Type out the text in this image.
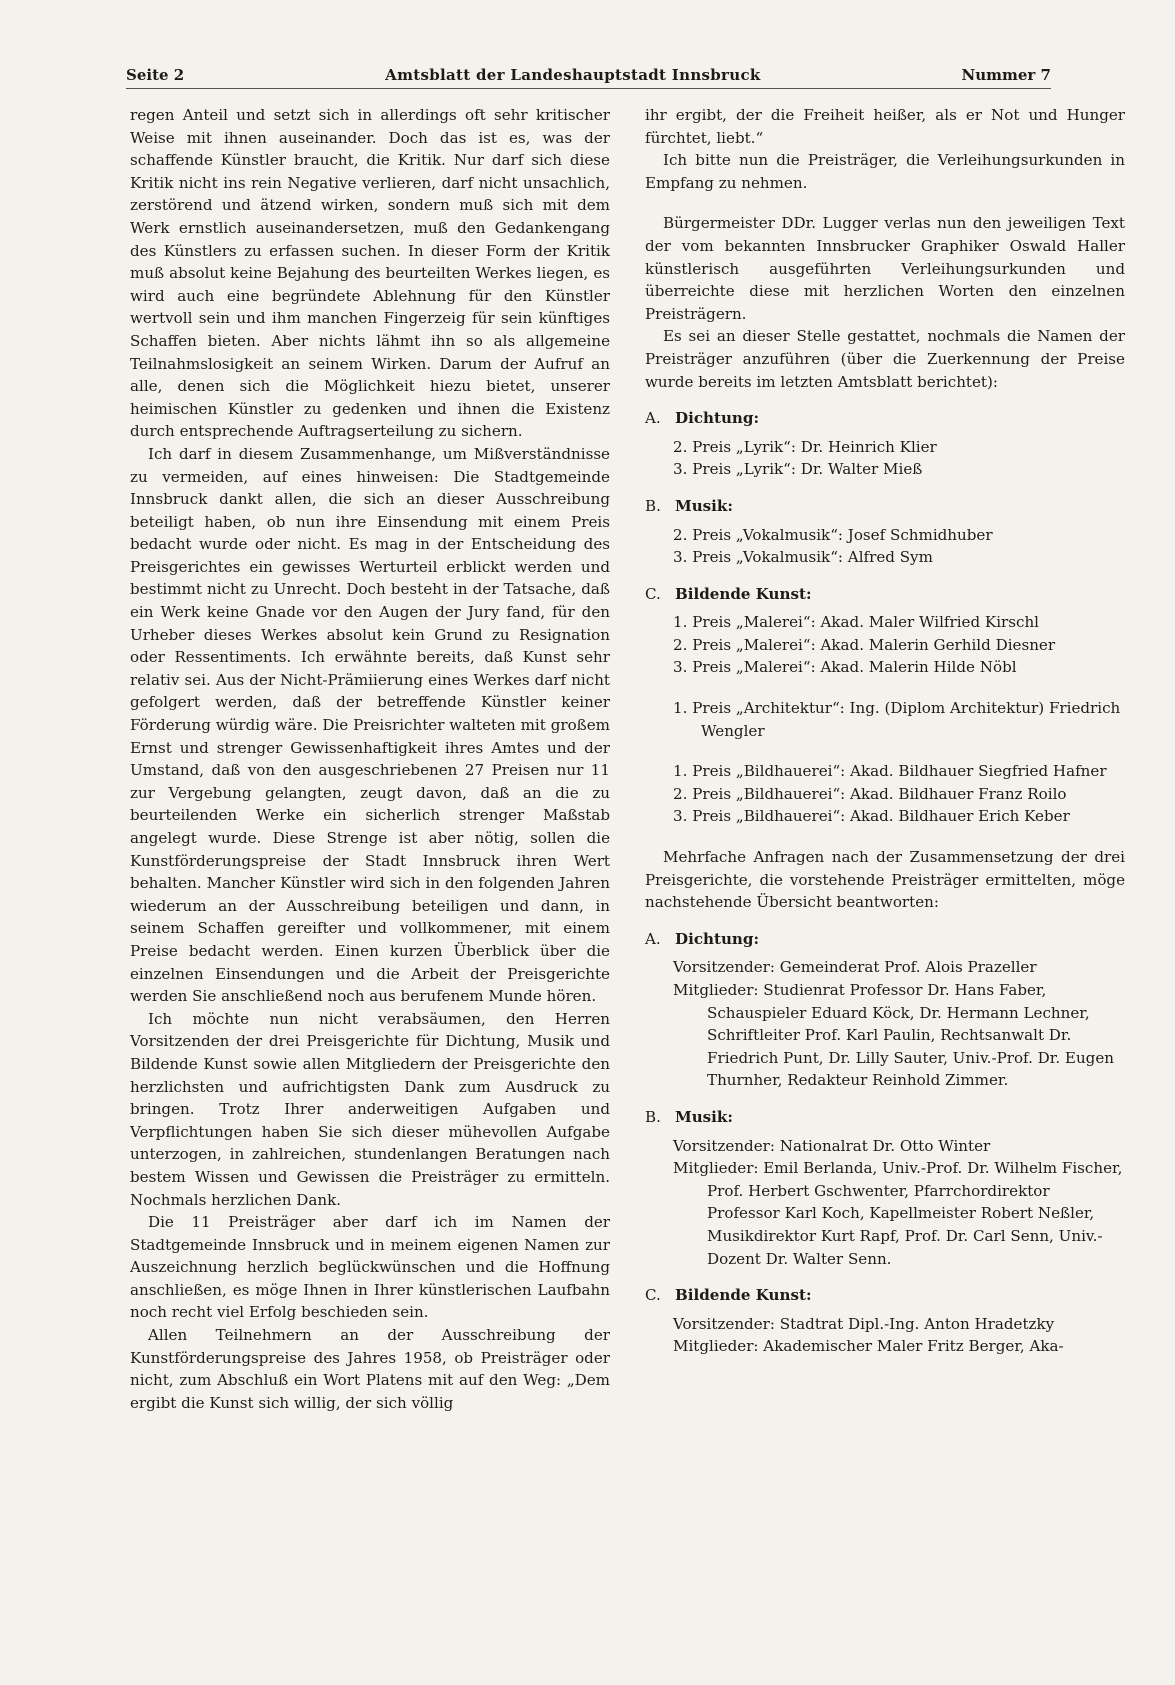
Seite 2	Amtsblatt der Landeshauptstadt Innsbruck	Nummer 7

regen Anteil und setzt sich in allerdings oft sehr kritischer Weise mit ihnen auseinander. Doch das ist es, was der schaffende Künstler braucht, die Kritik. Nur darf sich diese Kritik nicht ins rein Negative verlieren, darf nicht unsachlich, zerstörend und ätzend wirken, sondern muß sich mit dem Werk ernstlich auseinandersetzen, muß den Gedankengang des Künstlers zu erfassen suchen. In dieser Form der Kritik muß absolut keine Bejahung des beurteilten Werkes liegen, es wird auch eine begründete Ablehnung für den Künstler wertvoll sein und ihm manchen Fingerzeig für sein künftiges Schaffen bieten. Aber nichts lähmt ihn so als allgemeine Teilnahmslosigkeit an seinem Wirken. Darum der Aufruf an alle, denen sich die Möglichkeit hiezu bietet, unserer heimischen Künstler zu gedenken und ihnen die Existenz durch entsprechende Auftragserteilung zu sichern.

Ich darf in diesem Zusammenhange, um Mißverständnisse zu vermeiden, auf eines hinweisen: Die Stadtgemeinde Innsbruck dankt allen, die sich an dieser Ausschreibung beteiligt haben, ob nun ihre Einsendung mit einem Preis bedacht wurde oder nicht. Es mag in der Entscheidung des Preisgerichtes ein gewisses Werturteil erblickt werden und bestimmt nicht zu Unrecht. Doch besteht in der Tatsache, daß ein Werk keine Gnade vor den Augen der Jury fand, für den Urheber dieses Werkes absolut kein Grund zu Resignation oder Ressentiments. Ich erwähnte bereits, daß Kunst sehr relativ sei. Aus der Nicht-Prämiierung eines Werkes darf nicht gefolgert werden, daß der betreffende Künstler keiner Förderung würdig wäre. Die Preisrichter walteten mit großem Ernst und strenger Gewissenhaftigkeit ihres Amtes und der Umstand, daß von den ausgeschriebenen 27 Preisen nur 11 zur Vergebung gelangten, zeugt davon, daß an die zu beurteilenden Werke ein sicherlich strenger Maßstab angelegt wurde. Diese Strenge ist aber nötig, sollen die Kunstförderungspreise der Stadt Innsbruck ihren Wert behalten. Mancher Künstler wird sich in den folgenden Jahren wiederum an der Ausschreibung beteiligen und dann, in seinem Schaffen gereifter und vollkommener, mit einem Preise bedacht werden. Einen kurzen Überblick über die einzelnen Einsendungen und die Arbeit der Preisgerichte werden Sie anschließend noch aus berufenem Munde hören.

Ich möchte nun nicht verabsäumen, den Herren Vorsitzenden der drei Preisgerichte für Dichtung, Musik und Bildende Kunst sowie allen Mitgliedern der Preisgerichte den herzlichsten und aufrichtigsten Dank zum Ausdruck zu bringen. Trotz Ihrer anderweitigen Aufgaben und Verpflichtungen haben Sie sich dieser mühevollen Aufgabe unterzogen, in zahlreichen, stundenlangen Beratungen nach bestem Wissen und Gewissen die Preisträger zu ermitteln. Nochmals herzlichen Dank.

Die 11 Preisträger aber darf ich im Namen der Stadtgemeinde Innsbruck und in meinem eigenen Namen zur Auszeichnung herzlich beglückwünschen und die Hoffnung anschließen, es möge Ihnen in Ihrer künstlerischen Laufbahn noch recht viel Erfolg beschieden sein.

Allen Teilnehmern an der Ausschreibung der Kunstförderungspreise des Jahres 1958, ob Preisträger oder nicht, zum Abschluß ein Wort Platens mit auf den Weg: „Dem ergibt die Kunst sich willig, der sich völlig

ihr ergibt, der die Freiheit heißer, als er Not und Hunger fürchtet, liebt.“

Ich bitte nun die Preisträger, die Verleihungsurkunden in Empfang zu nehmen.

Bürgermeister DDr. Lugger verlas nun den jeweiligen Text der vom bekannten Innsbrucker Graphiker Oswald Haller künstlerisch ausgeführten Verleihungsurkunden und überreichte diese mit herzlichen Worten den einzelnen Preisträgern.

Es sei an dieser Stelle gestattet, nochmals die Namen der Preisträger anzuführen (über die Zuerkennung der Preise wurde bereits im letzten Amtsblatt berichtet):

A. Dichtung:
2. Preis „Lyrik“: Dr. Heinrich Klier
3. Preis „Lyrik“: Dr. Walter Mieß
B. Musik:
2. Preis „Vokalmusik“: Josef Schmidhuber
3. Preis „Vokalmusik“: Alfred Sym
C. Bildende Kunst:
1. Preis „Malerei“: Akad. Maler Wilfried Kirschl
2. Preis „Malerei“: Akad. Malerin Gerhild Diesner
3. Preis „Malerei“: Akad. Malerin Hilde Nöbl
1. Preis „Architektur“: Ing. (Diplom Architektur) Friedrich Wengler
1. Preis „Bildhauerei“: Akad. Bildhauer Siegfried Hafner
2. Preis „Bildhauerei“: Akad. Bildhauer Franz Roilo
3. Preis „Bildhauerei“: Akad. Bildhauer Erich Keber

Mehrfache Anfragen nach der Zusammensetzung der drei Preisgerichte, die vorstehende Preisträger ermittelten, möge nachstehende Übersicht beantworten:

A. Dichtung:
Vorsitzender: Gemeinderat Prof. Alois Prazeller
Mitglieder: Studienrat Professor Dr. Hans Faber, Schauspieler Eduard Köck, Dr. Hermann Lechner, Schriftleiter Prof. Karl Paulin, Rechtsanwalt Dr. Friedrich Punt, Dr. Lilly Sauter, Univ.-Prof. Dr. Eugen Thurnher, Redakteur Reinhold Zimmer.
B. Musik:
Vorsitzender: Nationalrat Dr. Otto Winter
Mitglieder: Emil Berlanda, Univ.-Prof. Dr. Wilhelm Fischer, Prof. Herbert Gschwenter, Pfarrchordirektor Professor Karl Koch, Kapellmeister Robert Neßler, Musikdirektor Kurt Rapf, Prof. Dr. Carl Senn, Univ.-Dozent Dr. Walter Senn.
C. Bildende Kunst:
Vorsitzender: Stadtrat Dipl.-Ing. Anton Hradetzky
Mitglieder: Akademischer Maler Fritz Berger, Aka-
